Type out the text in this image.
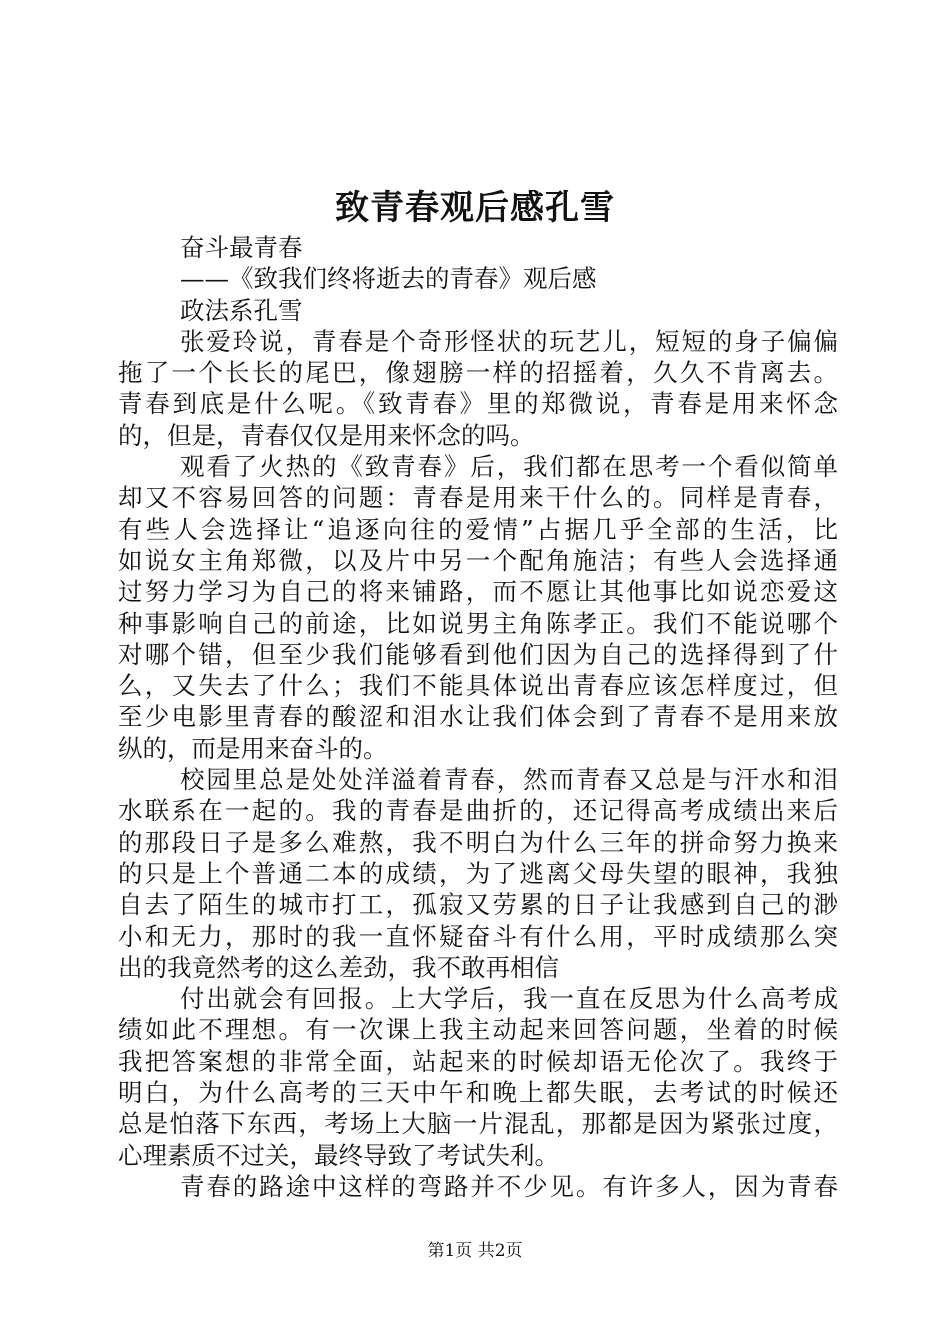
致青春观后感孔雪
奋斗最青春
——《致我们终将逝去的青春》观后感
政法系孔雪
张爱玲说，青春是个奇形怪状的玩艺儿，短短的身子偏偏
拖了一个长长的尾巴，像翅膀一样的招摇着，久久不肯离去。
青春到底是什么呢。《致青春》里的郑微说，青春是用来怀念
的，但是，青春仅仅是用来怀念的吗。
观看了火热的《致青春》后，我们都在思考一个看似简单
却又不容易回答的问题：青春是用来干什么的。同样是青春，
有些人会选择让“追逐向往的爱情”占据几乎全部的生活，比
如说女主角郑微，以及片中另一个配角施洁；有些人会选择通
过努力学习为自己的将来铺路，而不愿让其他事比如说恋爱这
种事影响自己的前途，比如说男主角陈孝正。我们不能说哪个
对哪个错，但至少我们能够看到他们因为自己的选择得到了什
么，又失去了什么；我们不能具体说出青春应该怎样度过，但
至少电影里青春的酸涩和泪水让我们体会到了青春不是用来放
纵的，而是用来奋斗的。
校园里总是处处洋溢着青春，然而青春又总是与汗水和泪
水联系在一起的。我的青春是曲折的，还记得高考成绩出来后
的那段日子是多么难熬，我不明白为什么三年的拼命努力换来
的只是上个普通二本的成绩，为了逃离父母失望的眼神，我独
自去了陌生的城市打工，孤寂又劳累的日子让我感到自己的渺
小和无力，那时的我一直怀疑奋斗有什么用，平时成绩那么突
出的我竟然考的这么差劲，我不敢再相信
付出就会有回报。上大学后，我一直在反思为什么高考成
绩如此不理想。有一次课上我主动起来回答问题，坐着的时候
我把答案想的非常全面，站起来的时候却语无伦次了。我终于
明白，为什么高考的三天中午和晚上都失眠，去考试的时候还
总是怕落下东西，考场上大脑一片混乱，那都是因为紧张过度，
心理素质不过关，最终导致了考试失利。
青春的路途中这样的弯路并不少见。有许多人，因为青春
第1页 共2页
